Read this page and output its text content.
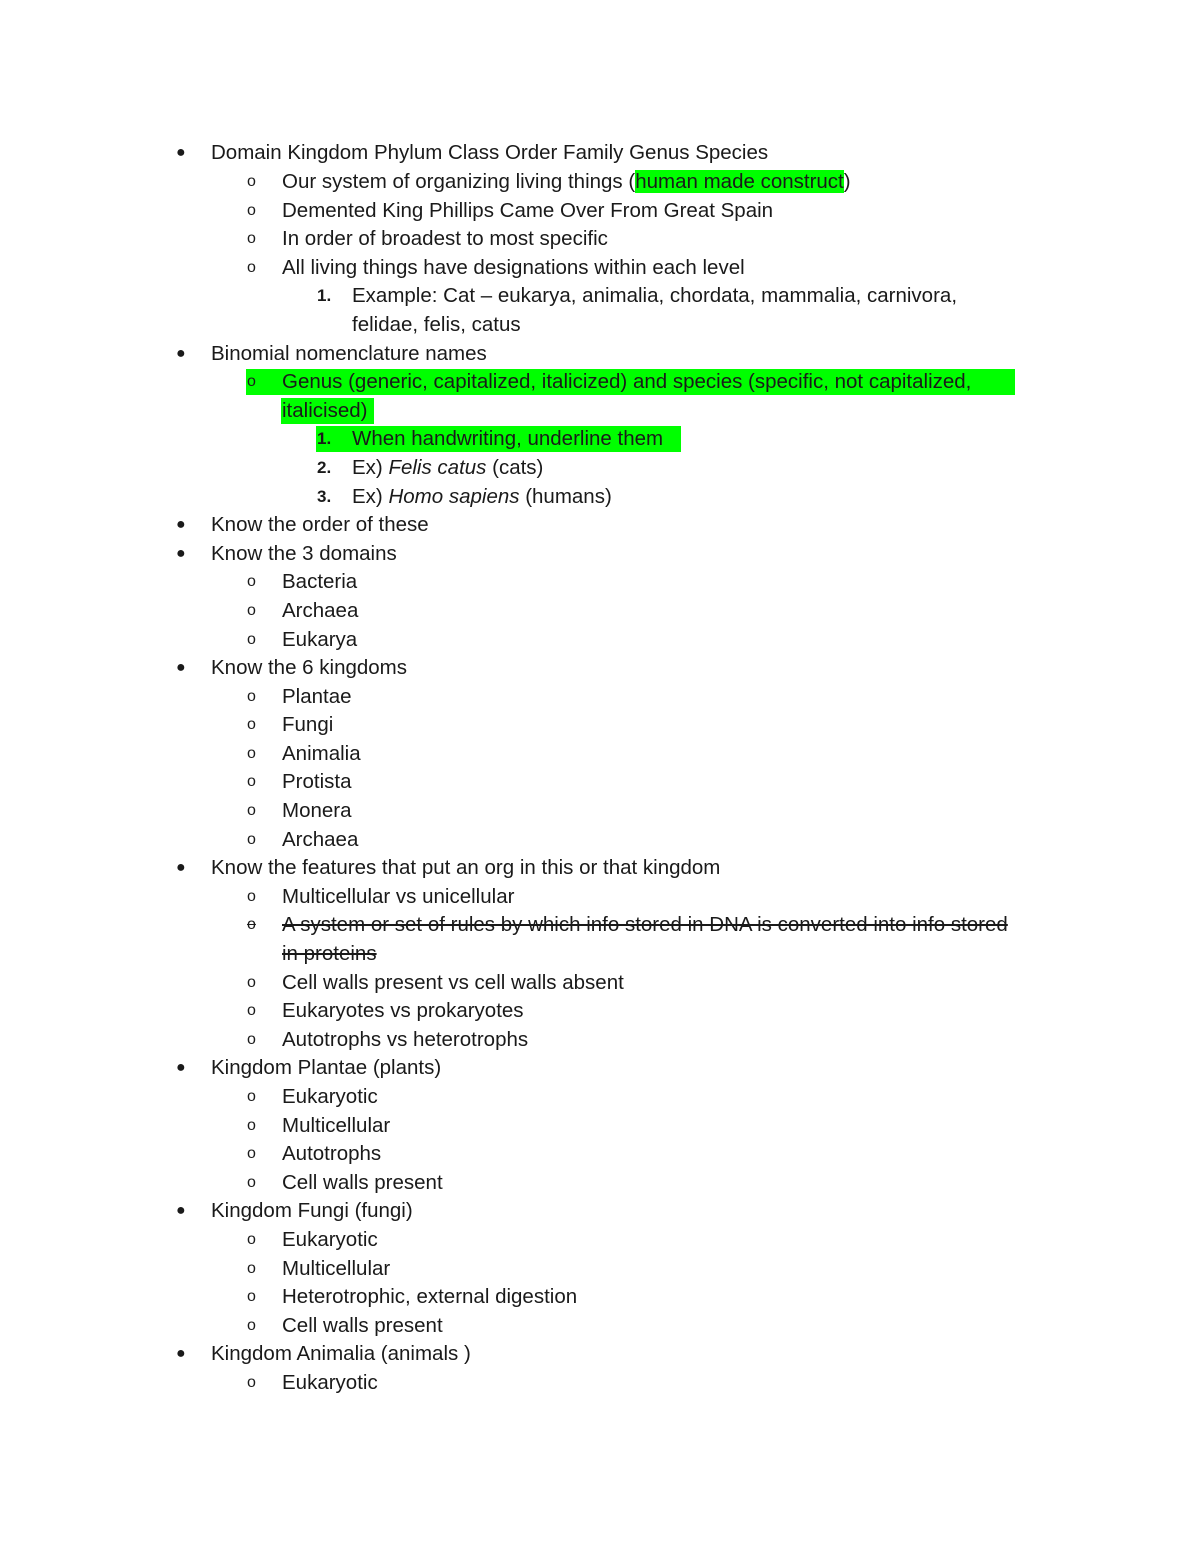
● Domain Kingdom Phylum Class Order Family Genus Species
o Our system of organizing living things (human made construct)
o Demented King Phillips Came Over From Great Spain
o In order of broadest to most specific
o All living things have designations within each level
1. Example: Cat – eukarya, animalia, chordata, mammalia, carnivora,
felidae, felis, catus
● Binomial nomenclature names
o Genus (generic, capitalized, italicized) and species (specific, not capitalized,
italicised)
1. When handwriting, underline them
2. Ex) Felis catus (cats)
3. Ex) Homo sapiens (humans)
● Know the order of these
● Know the 3 domains
o Bacteria
o Archaea
o Eukarya
● Know the 6 kingdoms
o Plantae
o Fungi
o Animalia
o Protista
o Monera
o Archaea
● Know the features that put an org in this or that kingdom
o Multicellular vs unicellular
o A system or set of rules by which info stored in DNA is converted into info stored
in proteins
o Cell walls present vs cell walls absent
o Eukaryotes vs prokaryotes
o Autotrophs vs heterotrophs
● Kingdom Plantae (plants)
o Eukaryotic
o Multicellular
o Autotrophs
o Cell walls present
● Kingdom Fungi (fungi)
o Eukaryotic
o Multicellular
o Heterotrophic, external digestion
o Cell walls present
● Kingdom Animalia (animals )
o Eukaryotic
